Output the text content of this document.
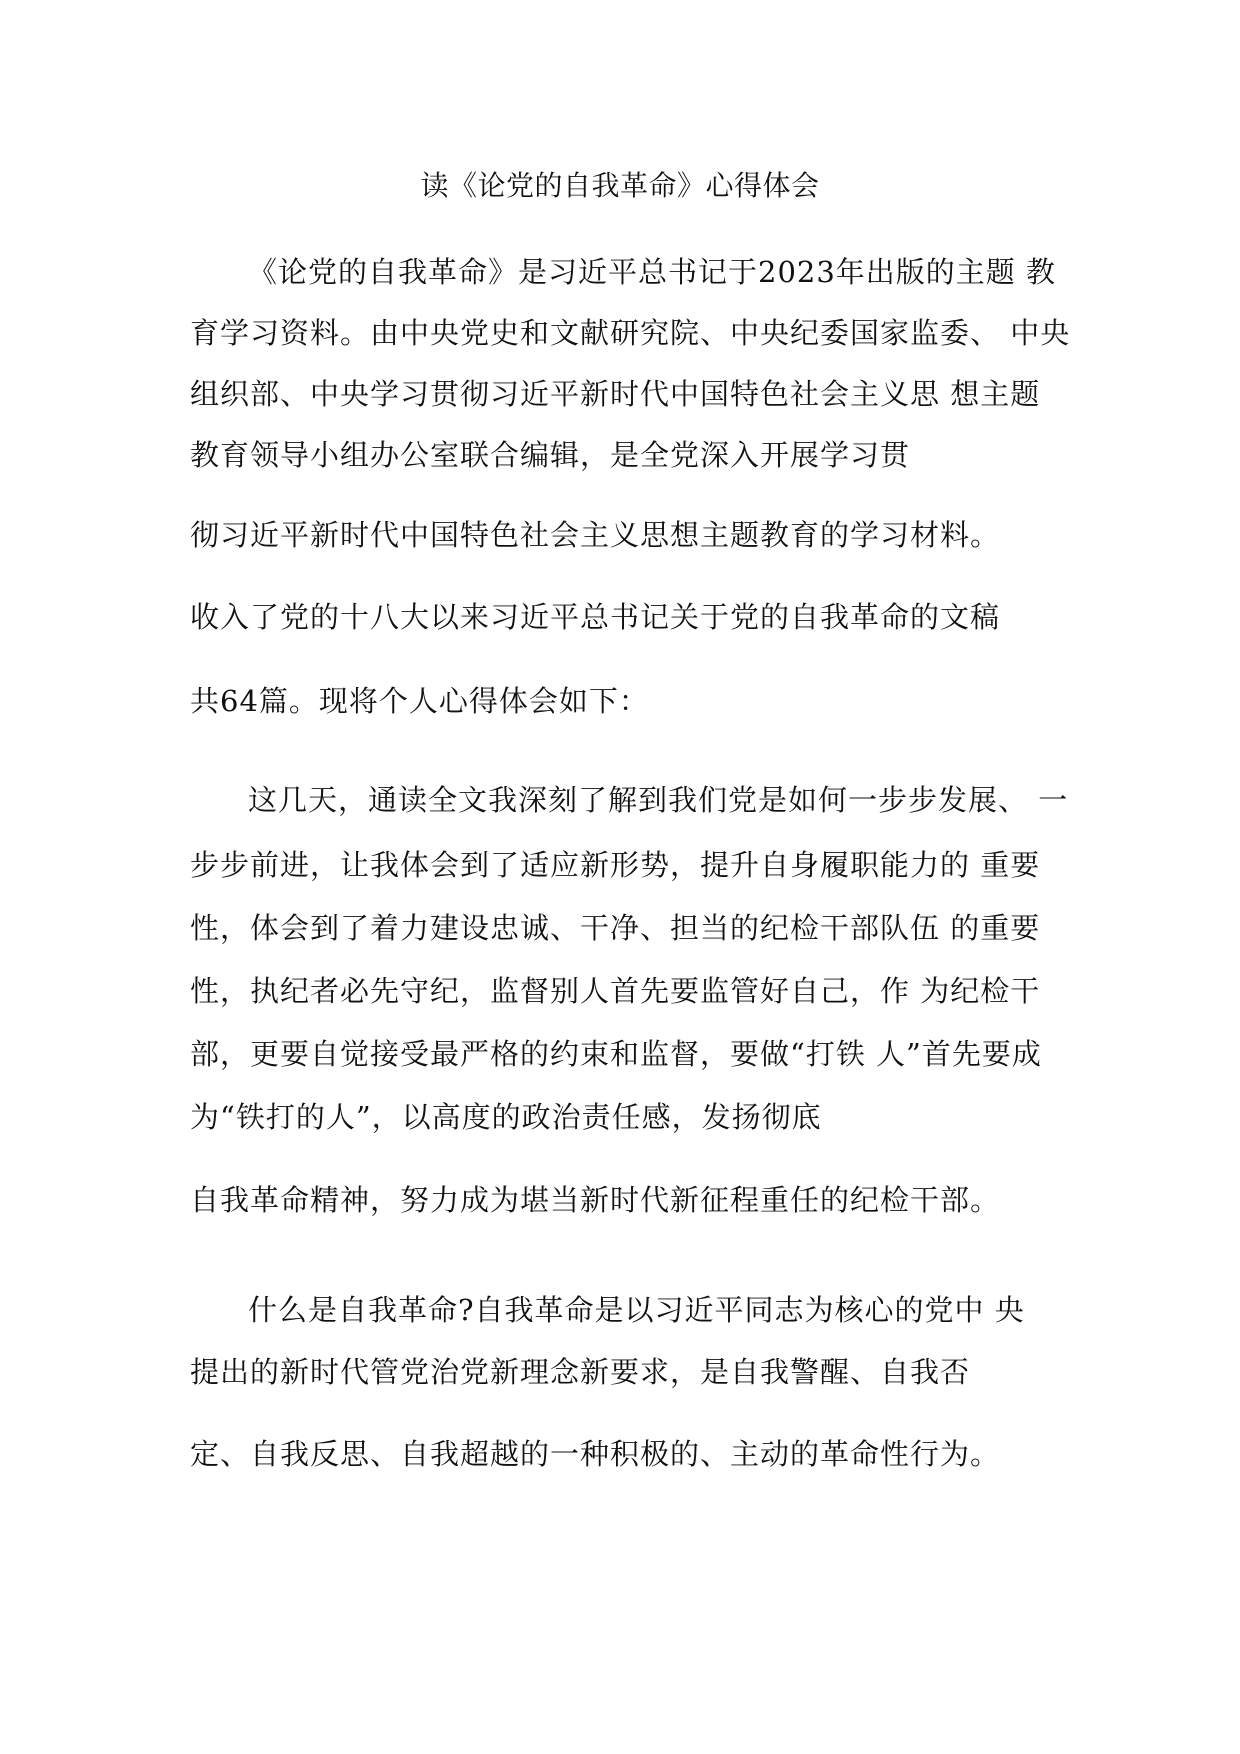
读《论党的自我革命》心得体会
《论党的自我革命》是习近平总书记于2023年出版的主题 教
育学习资料。由中央党史和文献研究院、中央纪委国家监委、 中央
组织部、中央学习贯彻习近平新时代中国特色社会主义思 想主题
教育领导小组办公室联合编辑，是全党深入开展学习贯
彻习近平新时代中国特色社会主义思想主题教育的学习材料。
收入了党的十八大以来习近平总书记关于党的自我革命的文稿
共64篇。现将个人心得体会如下：
这几天，通读全文我深刻了解到我们党是如何一步步发展、 一
步步前进，让我体会到了适应新形势，提升自身履职能力的 重要
性，体会到了着力建设忠诚、干净、担当的纪检干部队伍 的重要
性，执纪者必先守纪，监督别人首先要监管好自己，作 为纪检干
部，更要自觉接受最严格的约束和监督，要做“打铁 人”首先要成
为“铁打的人”，以高度的政治责任感，发扬彻底
自我革命精神，努力成为堪当新时代新征程重任的纪检干部。
什么是自我革命?自我革命是以习近平同志为核心的党中 央
提出的新时代管党治党新理念新要求，是自我警醒、自我否
定、自我反思、自我超越的一种积极的、主动的革命性行为。
